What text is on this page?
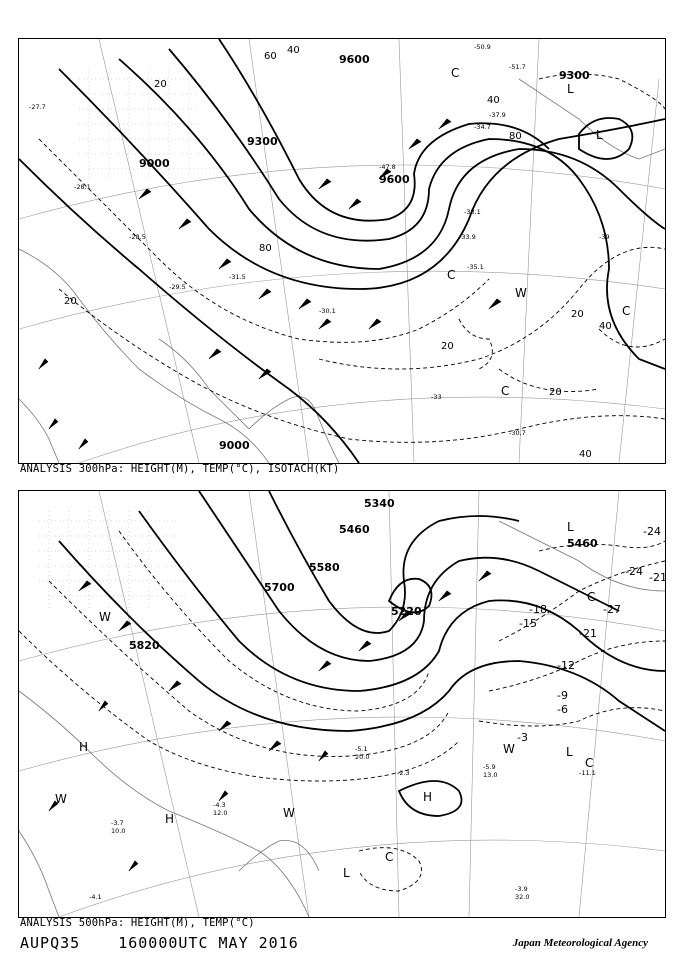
9000
9300
9600
9600
9300
9000
20
40
60
80
80
20
40
40
20
20
20
40
-27.7
-28.1
-28.5
-29.5
-30.1
-31.5
-33.9
-33.1
-35.1
-34.7
-37.9
-47.8
-51.7
-50.9
-30.7
-39
-33
L
L
C
C
C
W
C
ANALYSIS 300hPa: HEIGHT(M), TEMP(°C), ISOTACH(KT)
5820
5700
5580
5460
5340
5220
5460
-3
-6
-9
-12
-15
-18
-21
-24
-27
-21
-24
-5.9
13.0
-2.3	-11.1
-3.9
32.0
-4.1
-4.3
12.0
-3.7
10.0
-5.1
20.0
H
H
H
L
L
C
C
W
W
W
L
C
W
ANALYSIS 500hPa: HEIGHT(M), TEMP(°C)
AUPQ35	160000UTC MAY 2016	Japan Meteorological Agency
